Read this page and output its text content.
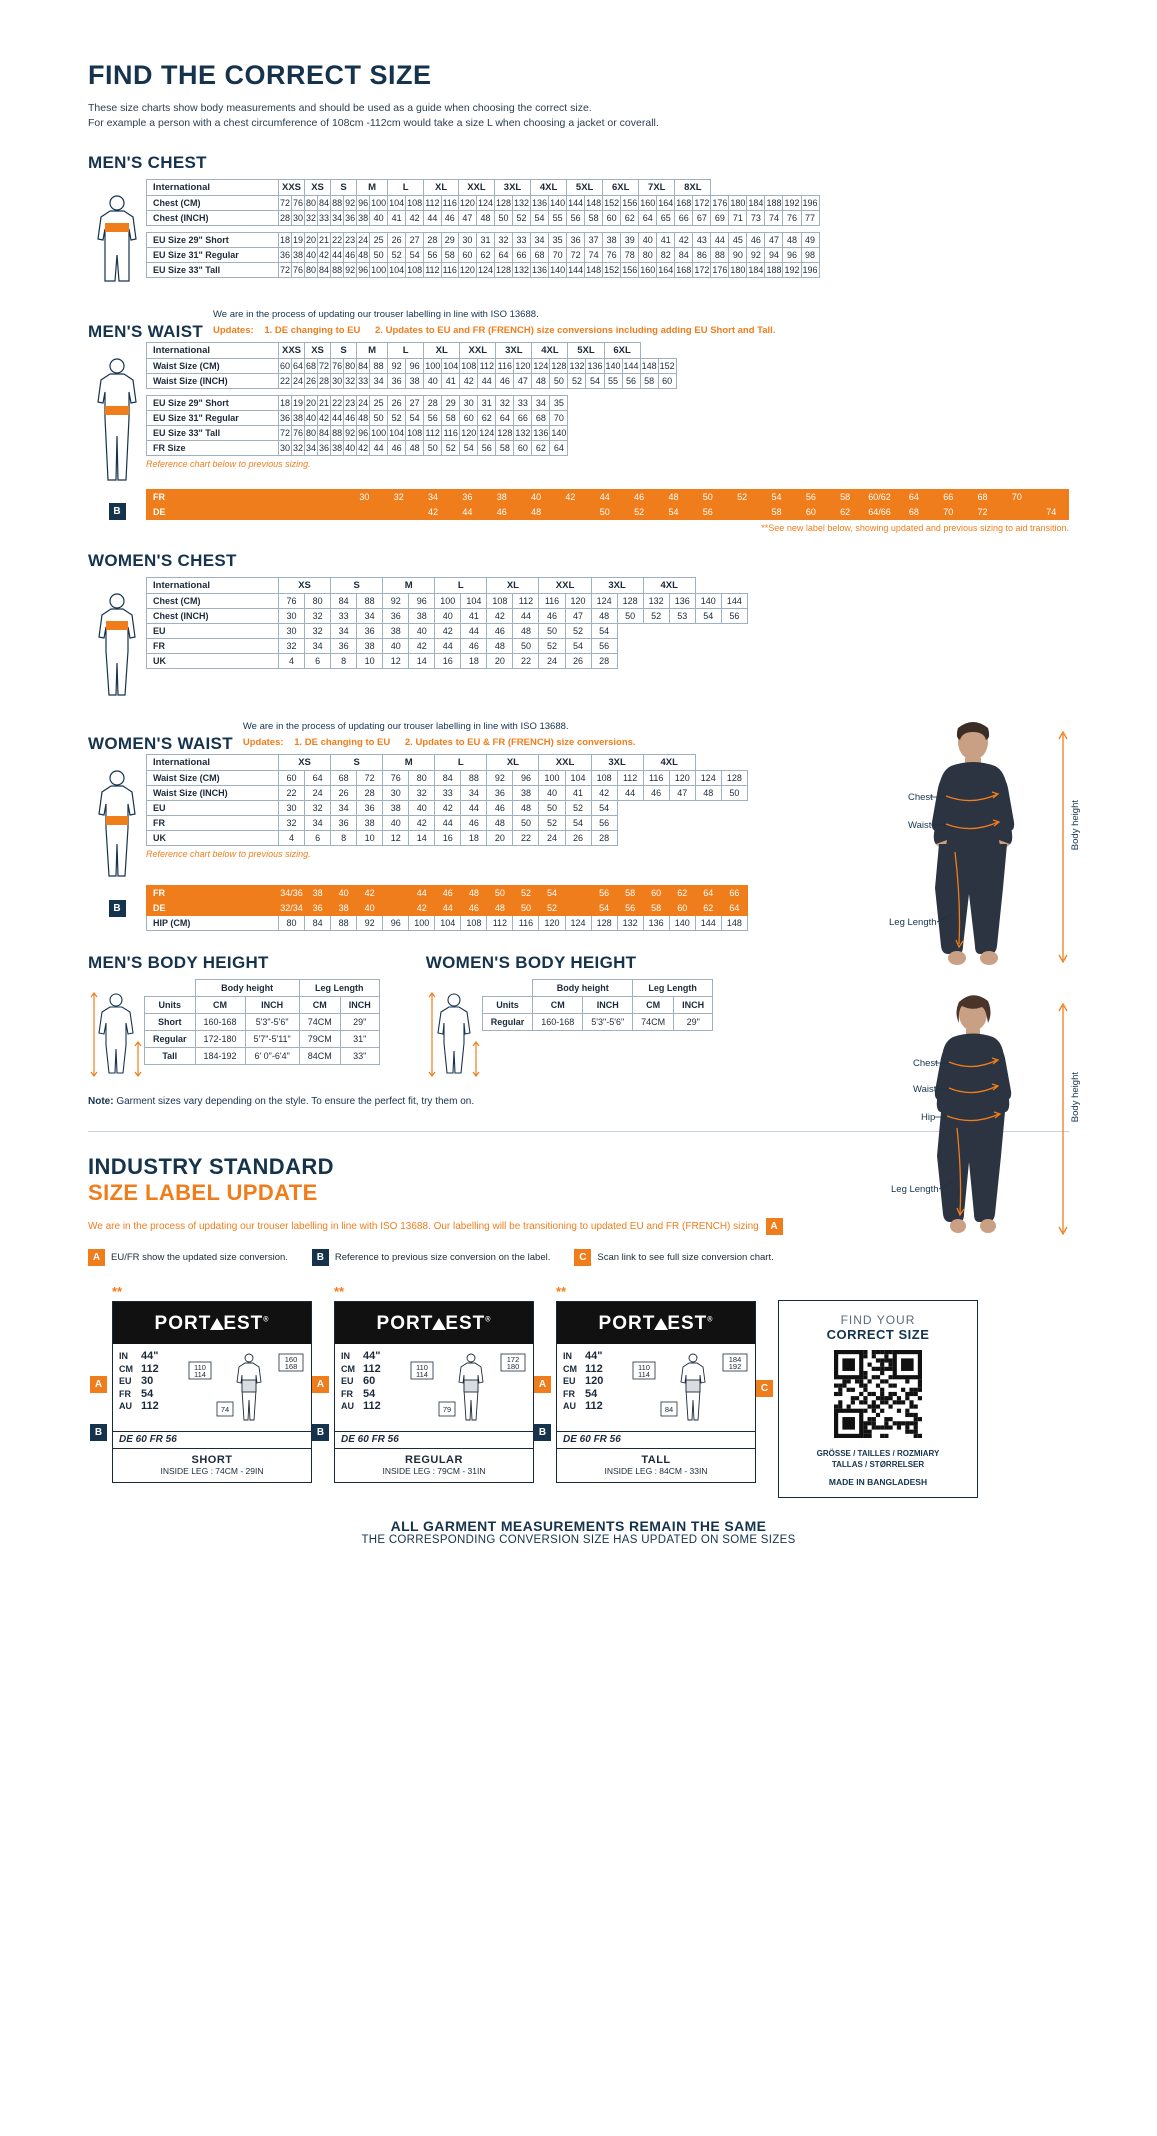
FIND THE CORRECT SIZE
These size charts show body measurements and should be used as a guide when choosing the correct size.
For example a person with a chest circumference of 108cm -112cm would take a size L when choosing a jacket or coverall.
MEN'S CHEST
International	XXS		XS		S		M		L		XL		XXL		3XL		4XL		5XL		6XL		7XL		8XL							
Chest (CM)	72	76	80	84	88	92	96	100	104	108	112	116	120	124	128	132	136	140	144	148	152	156	160	164	168	172	176	180	184	188	192	196
Chest (INCH)	28	30	32	33	34	36	38	40	41	42	44	46	47	48	50	52	54	55	56	58	60	62	64	65	66	67	69	71	73	74	76	77

EU Size 29" Short	18	19	20	21	22	23	24	25	26	27	28	29	30	31	32	33	34	35	36	37	38	39	40	41	42	43	44	45	46	47	48	49
EU Size 31" Regular	36	38	40	42	44	46	48	50	52	54	56	58	60	62	64	66	68	70	72	74	76	78	80	82	84	86	88	90	92	94	96	98
EU Size 33" Tall	72	76	80	84	88	92	96	100	104	108	112	116	120	124	128	132	136	140	144	148	152	156	160	164	168	172	176	180	184	188	192	196
MEN'S WAIST
We are in the process of updating our trouser labelling in line with ISO 13688.
Updates: 1. DE changing to EU 2. Updates to EU and FR (FRENCH) size conversions including adding EU Short and Tall.
International	XXS		XS		S		M		L		XL		XXL		3XL		4XL		5XL		6XL			
Waist Size (CM)	60	64	68	72	76	80	84	88	92	96	100	104	108	112	116	120	124	128	132	136	140	144	148	152
Waist Size (INCH)	22	24	26	28	30	32	33	34	36	38	40	41	42	44	46	47	48	50	52	54	55	56	58	60

EU Size 29" Short	18	19	20	21	22	23	24	25	26	27	28	29	30	31	32	33	34	35						
EU Size 31" Regular	36	38	40	42	44	46	48	50	52	54	56	58	60	62	64	66	68	70						
EU Size 33" Tall	72	76	80	84	88	92	96	100	104	108	112	116	120	124	128	132	136	140						
FR Size	30	32	34	36	38	40	42	44	46	48	50	52	54	56	58	60	62	64						
Reference chart below to previous sizing.
B
FR			30	32	34	36	38	40	42	44	46	48	50	52	54	56	58	60/62	64	66	68	70	
DE					42	44	46	48		50	52	54	56		58	60	62	64/66	68	70	72		74
**See new label below, showing updated and previous sizing to aid transition.
WOMEN'S CHEST
International	XS		S		M		L		XL		XXL		3XL		4XL			
Chest (CM)	76	80	84	88	92	96	100	104	108	112	116	120	124	128	132	136	140	144
Chest (INCH)	30	32	33	34	36	38	40	41	42	44	46	47	48	50	52	53	54	56
EU	30	32	34	36	38	40	42	44	46	48	50	52	54					
FR	32	34	36	38	40	42	44	46	48	50	52	54	56					
UK	4	6	8	10	12	14	16	18	20	22	24	26	28					
WOMEN'S WAIST
We are in the process of updating our trouser labelling in line with ISO 13688.
Updates: 1. DE changing to EU 2. Updates to EU & FR (FRENCH) size conversions.
International	XS		S		M		L		XL		XXL		3XL		4XL			
Waist Size (CM)	60	64	68	72	76	80	84	88	92	96	100	104	108	112	116	120	124	128
Waist Size (INCH)	22	24	26	28	30	32	33	34	36	38	40	41	42	44	46	47	48	50
EU	30	32	34	36	38	40	42	44	46	48	50	52	54					
FR	32	34	36	38	40	42	44	46	48	50	52	54	56					
UK	4	6	8	10	12	14	16	18	20	22	24	26	28					
Reference chart below to previous sizing.
B
FR	34/36	38	40	42		44	46	48	50	52	54		56	58	60	62	64	66
DE	32/34	36	38	40		42	44	46	48	50	52		54	56	58	60	62	64
HIP (CM)	80	84	88	92	96	100	104	108	112	116	120	124	128	132	136	140	144	148
MEN'S BODY HEIGHT
	Body height		Leg Length	
Units	CM	INCH	CM	INCH
Short	160-168	5'3"-5'6"	74CM	29"
Regular	172-180	5'7"-5'11"	79CM	31"
Tall	184-192	6' 0"-6'4"	84CM	33"
WOMEN'S BODY HEIGHT
	Body height		Leg Length	
Units	CM	INCH	CM	INCH
Regular	160-168	5'3"-5'6"	74CM	29"
Note: Garment sizes vary depending on the style. To ensure the perfect fit, try them on.
Chest
Waist
Leg Length
Body height
Chest
Waist
Hip
Leg Length
Body height
INDUSTRY STANDARD
SIZE LABEL UPDATE
We are in the process of updating our trouser labelling in line with ISO 13688. Our labelling will be transitioning to updated EU and FR (FRENCH) sizing A
A	EU/FR show the updated size conversion.	B	Reference to previous size conversion on the label.	C	Scan link to see full size conversion chart.
**
PORT EST®
IN	44"
CM 112
EU 30
FR 54
AU 112
110
114
160
168
74
DE 60 FR 56
SHORT
INSIDE LEG : 74CM - 29IN
A
B
**
PORT EST®
IN	44"
CM 112
EU 60
FR 54
AU 112
110
114
172
180
79
DE 60 FR 56
REGULAR
INSIDE LEG : 79CM - 31IN
A
B
**
PORT EST®
IN	44"
CM 112
EU 120
FR 54
AU 112
110
114
184
192
84
DE 60 FR 56
TALL
INSIDE LEG : 84CM - 33IN
A
B
C
FIND YOUR
CORRECT SIZE
GRÖSSE / TAILLES / ROZMIARY
TALLAS / STØRRELSER
MADE IN BANGLADESH
ALL GARMENT MEASUREMENTS REMAIN THE SAME
THE CORRESPONDING CONVERSION SIZE HAS UPDATED ON SOME SIZES
